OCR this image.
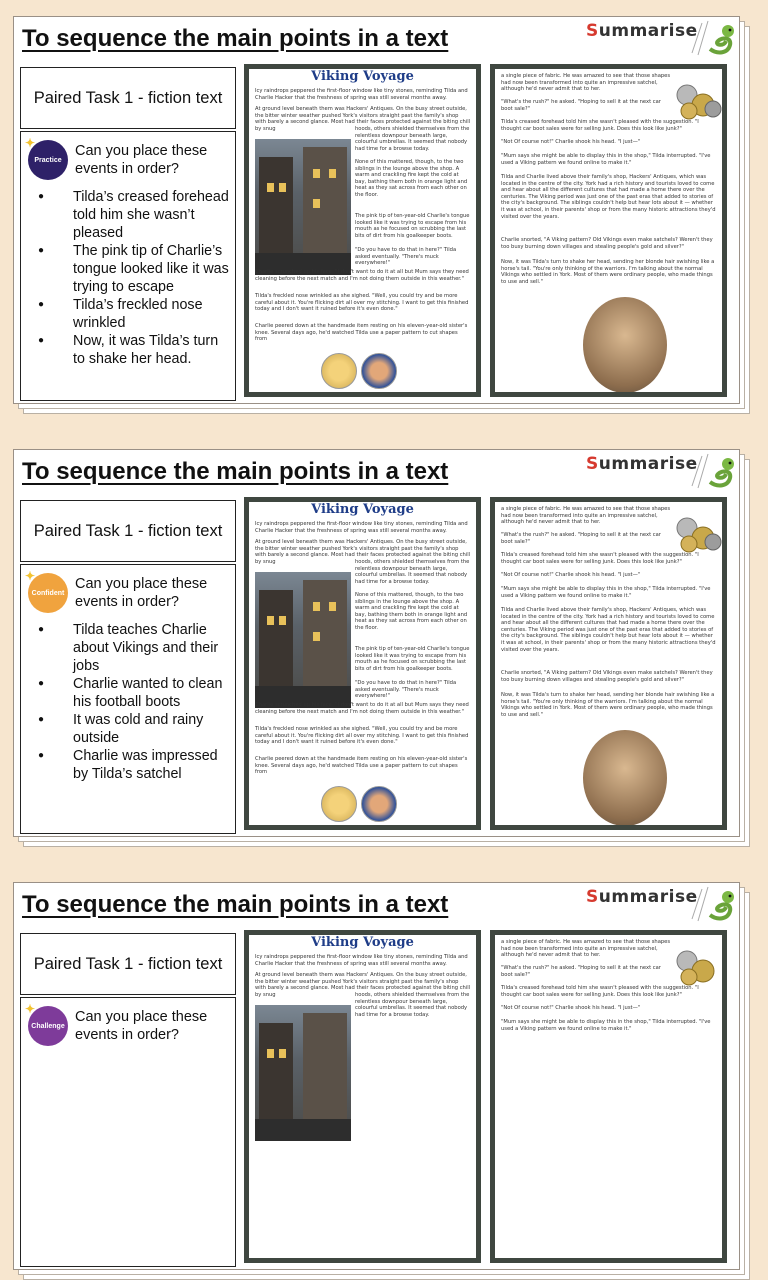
To sequence the main points in a text	Summarise
Paired Task 1 - fiction text
✦
Practice
Can you place these events in order?
● Tilda’s creased forehead told him she wasn’t pleased
● The pink tip of Charlie’s tongue looked like it was trying to escape
● Tilda’s freckled nose wrinkled
● Now, it was Tilda’s turn to shake her head.
Viking Voyage
Icy raindrops peppered the first-floor window like tiny stones, reminding Tilda and Charlie Hacker that the freshness of spring was still several months away.
At ground level beneath them was Hackers' Antiques. On the busy street outside, the bitter winter weather pushed York's visitors straight past the family's shop with barely a second glance. Most had their faces protected against the biting chill by snug	hoods, others shielded themselves from the relentless downpour beneath large, colourful umbrellas. It seemed that nobody had time for a browse today.
None of this mattered, though, to the two siblings in the lounge above the shop. A warm and crackling fire kept the cold at bay, bathing them both in orange light and heat as they sat across from each other on the floor.
The pink tip of ten-year-old Charlie's tongue looked like it was trying to escape from his mouth as he focused on scrubbing the last bits of dirt from his goalkeeper boots.
"Do you have to do that in here?" Tilda asked eventually. "There's muck everywhere!"
Charlie scrunched up his face. "I don't want to do it at all but Mum says they need cleaning before the next match and I'm not doing them outside in this weather."
Tilda's freckled nose wrinkled as she sighed. "Well, you could try and be more careful about it. You're flicking dirt all over my stitching. I want to get this finished today and I don't want it ruined before it's even done."
Charlie peered down at the handmade item resting on his eleven-year-old sister's knee. Several days ago, he'd watched Tilda use a paper pattern to cut shapes from
a single piece of fabric. He was amazed to see that those shapes had now been transformed into quite an impressive satchel, although he'd never admit that to her.
"What's the rush?" he asked. "Hoping to sell it at the next car boot sale?"
Tilda's creased forehead told him she wasn't pleased with the suggestion. "I thought car boot sales were for selling junk. Does this look like junk?"
"Not Of course not!" Charlie shook his head. "I just—"
"Mum says she might be able to display this in the shop," Tilda interrupted. "I've used a Viking pattern we found online to make it."
Tilda and Charlie lived above their family's shop, Hackers' Antiques, which was located in the centre of the city. York had a rich history and tourists loved to come and hear about all the different cultures that had made a home there over the centuries. The Viking period was just one of the past eras that added to stories of the city's background. The siblings couldn't help but hear lots about it — whether it was at school, in their parents' shop or from the many historic attractions they'd visited over the years.
Charlie snorted, "A Viking pattern? Old Vikings even make satchels? Weren't they too busy burning down villages and stealing people's gold and silver?"
Now, it was Tilda's turn to shake her head, sending her blonde hair swishing like a horse's tail. "You're only thinking of the warriors. I'm talking about the normal Vikings who settled in York. Most of them were ordinary people, who made things to use and sell."
To sequence the main points in a text	Summarise
Paired Task 1 - fiction text
✦
Confident
Can you place these events in order?
● Tilda teaches Charlie about Vikings and their jobs
● Charlie wanted to clean his football boots
● It was cold and rainy outside
● Charlie was impressed by Tilda’s satchel
Viking Voyage
Icy raindrops peppered the first-floor window like tiny stones, reminding Tilda and Charlie Hacker that the freshness of spring was still several months away.
At ground level beneath them was Hackers' Antiques. On the busy street outside, the bitter winter weather pushed York's visitors straight past the family's shop with barely a second glance. Most had their faces protected against the biting chill by snug	hoods, others shielded themselves from the relentless downpour beneath large, colourful umbrellas. It seemed that nobody had time for a browse today.
None of this mattered, though, to the two siblings in the lounge above the shop. A warm and crackling fire kept the cold at bay, bathing them both in orange light and heat as they sat across from each other on the floor.
The pink tip of ten-year-old Charlie's tongue looked like it was trying to escape from his mouth as he focused on scrubbing the last bits of dirt from his goalkeeper boots.
"Do you have to do that in here?" Tilda asked eventually. "There's muck everywhere!"
Charlie scrunched up his face. "I don't want to do it at all but Mum says they need cleaning before the next match and I'm not doing them outside in this weather."
Tilda's freckled nose wrinkled as she sighed. "Well, you could try and be more careful about it. You're flicking dirt all over my stitching. I want to get this finished today and I don't want it ruined before it's even done."
Charlie peered down at the handmade item resting on his eleven-year-old sister's knee. Several days ago, he'd watched Tilda use a paper pattern to cut shapes from
a single piece of fabric. He was amazed to see that those shapes had now been transformed into quite an impressive satchel, although he'd never admit that to her.
"What's the rush?" he asked. "Hoping to sell it at the next car boot sale?"
Tilda's creased forehead told him she wasn't pleased with the suggestion. "I thought car boot sales were for selling junk. Does this look like junk?"
"Not Of course not!" Charlie shook his head. "I just—"
"Mum says she might be able to display this in the shop," Tilda interrupted. "I've used a Viking pattern we found online to make it."
Tilda and Charlie lived above their family's shop, Hackers' Antiques, which was located in the centre of the city. York had a rich history and tourists loved to come and hear about all the different cultures that had made a home there over the centuries. The Viking period was just one of the past eras that added to stories of the city's background. The siblings couldn't help but hear lots about it — whether it was at school, in their parents' shop or from the many historic attractions they'd visited over the years.
Charlie snorted, "A Viking pattern? Old Vikings even make satchels? Weren't they too busy burning down villages and stealing people's gold and silver?"
Now, it was Tilda's turn to shake her head, sending her blonde hair swishing like a horse's tail. "You're only thinking of the warriors. I'm talking about the normal Vikings who settled in York. Most of them were ordinary people, who made things to use and sell."
To sequence the main points in a text	Summarise
Paired Task 1 - fiction text
✦
Challenge
Can you place these events in order?
Viking Voyage
Icy raindrops peppered the first-floor window like tiny stones, reminding Tilda and Charlie Hacker that the freshness of spring was still several months away.
At ground level beneath them was Hackers' Antiques. On the busy street outside, the bitter winter weather pushed York's visitors straight past the family's shop with barely a second glance. Most had their faces protected against the biting chill by snug	hoods, others shielded themselves from the relentless downpour beneath large, colourful umbrellas. It seemed that nobody had time for a browse today.
a single piece of fabric. He was amazed to see that those shapes had now been transformed into quite an impressive satchel, although he'd never admit that to her.
"What's the rush?" he asked. "Hoping to sell it at the next car boot sale?"
Tilda's creased forehead told him she wasn't pleased with the suggestion. "I thought car boot sales were for selling junk. Does this look like junk?"
"Not Of course not!" Charlie shook his head. "I just—"
"Mum says she might be able to display this in the shop," Tilda interrupted. "I've used a Viking pattern we found online to make it."
